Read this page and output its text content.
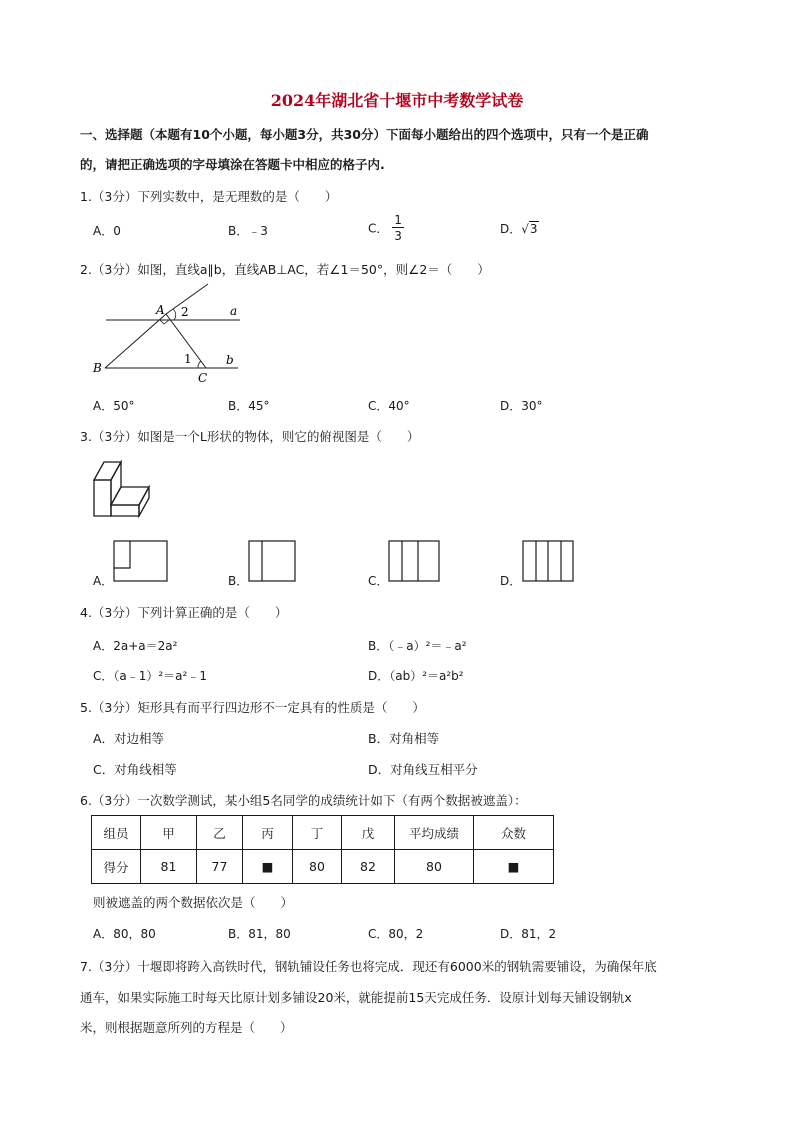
2024年湖北省十堰市中考数学试卷
一、选择题（本题有10个小题，每小题3分，共30分）下面每小题给出的四个选项中，只有一个是正确
的，请把正确选项的字母填涂在答题卡中相应的格子内.
1.（3分）下列实数中，是无理数的是（　　）
A．0	B．﹣3	C． $\frac{1}{3}$	D．√3
2.（3分）如图，直线a∥b，直线AB⊥AC，若∠1＝50°，则∠2＝（　　）
A
B
C
a
b
1
2
A．50°	B．45°	C．40°	D．30°
3.（3分）如图是一个L形状的物体，则它的俯视图是（　　）
A．	B．	C．	D．
4.（3分）下列计算正确的是（　　）
A．2a+a＝2a²	B．（﹣a）²＝﹣a²
C．（a﹣1）²＝a²﹣1	D．（ab）²＝a²b²
5.（3分）矩形具有而平行四边形不一定具有的性质是（　　）
A．对边相等	B．对角相等
C．对角线相等	D．对角线互相平分
6.（3分）一次数学测试，某小组5名同学的成绩统计如下（有两个数据被遮盖）：
组员	甲	乙	丙	丁	戊	平均成绩	众数
得分	81	77	■	80	82	80	■
则被遮盖的两个数据依次是（　　）
A．80，80	B．81，80	C．80，2	D．81，2
7.（3分）十堰即将跨入高铁时代，钢轨铺设任务也将完成．现还有6000米的钢轨需要铺设，为确保年底
通车，如果实际施工时每天比原计划多铺设20米，就能提前15天完成任务．设原计划每天铺设钢轨x
米，则根据题意所列的方程是（　　）
